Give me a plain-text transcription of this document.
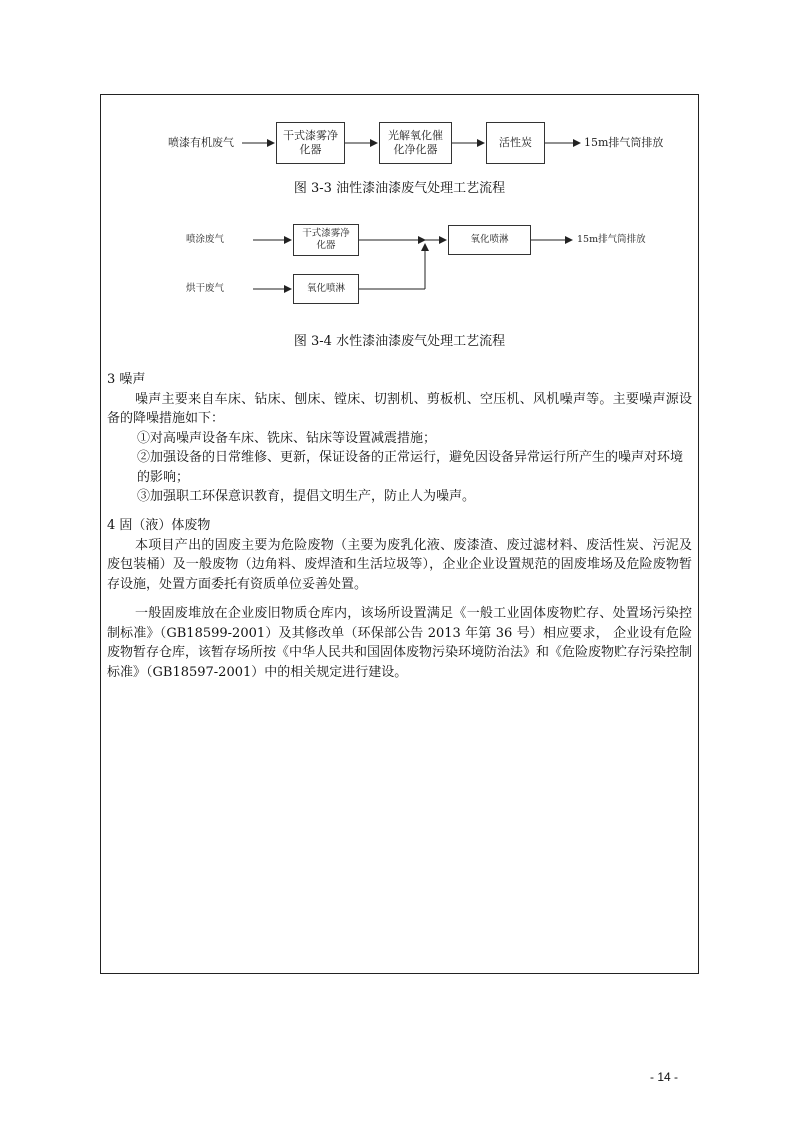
喷漆有机废气
干式漆雾净化器
光解氧化催化净化器
活性炭	15m排气筒排放
图 3-3 油性漆油漆废气处理工艺流程
喷涂废气
烘干废气
干式漆雾净化器
氧化喷淋
氧化喷淋	15m排气筒排放
图 3-4 水性漆油漆废气处理工艺流程

3 噪声

噪声主要来自车床、钻床、刨床、镗床、切割机、剪板机、空压机、风机噪声等。主要噪声源设备的降噪措施如下：

①对高噪声设备车床、铣床、钻床等设置减震措施；

②加强设备的日常维修、更新，保证设备的正常运行，避免因设备异常运行所产生的噪声对环境的影响；

③加强职工环保意识教育，提倡文明生产，防止人为噪声。

4 固（液）体废物

本项目产出的固废主要为危险废物（主要为废乳化液、废漆渣、废过滤材料、废活性炭、污泥及废包装桶）及一般废物（边角料、废焊渣和生活垃圾等），企业企业设置规范的固废堆场及危险废物暂存设施，处置方面委托有资质单位妥善处置。

一般固废堆放在企业废旧物质仓库内，该场所设置满足《一般工业固体废物贮存、处置场污染控制标准》（GB18599-2001）及其修改单（环保部公告 2013 年第 36 号）相应要求， 企业设有危险废物暂存仓库，该暂存场所按《中华人民共和国固体废物污染环境防治法》和《危险废物贮存污染控制标准》（GB18597-2001）中的相关规定进行建设。

- 14 -
